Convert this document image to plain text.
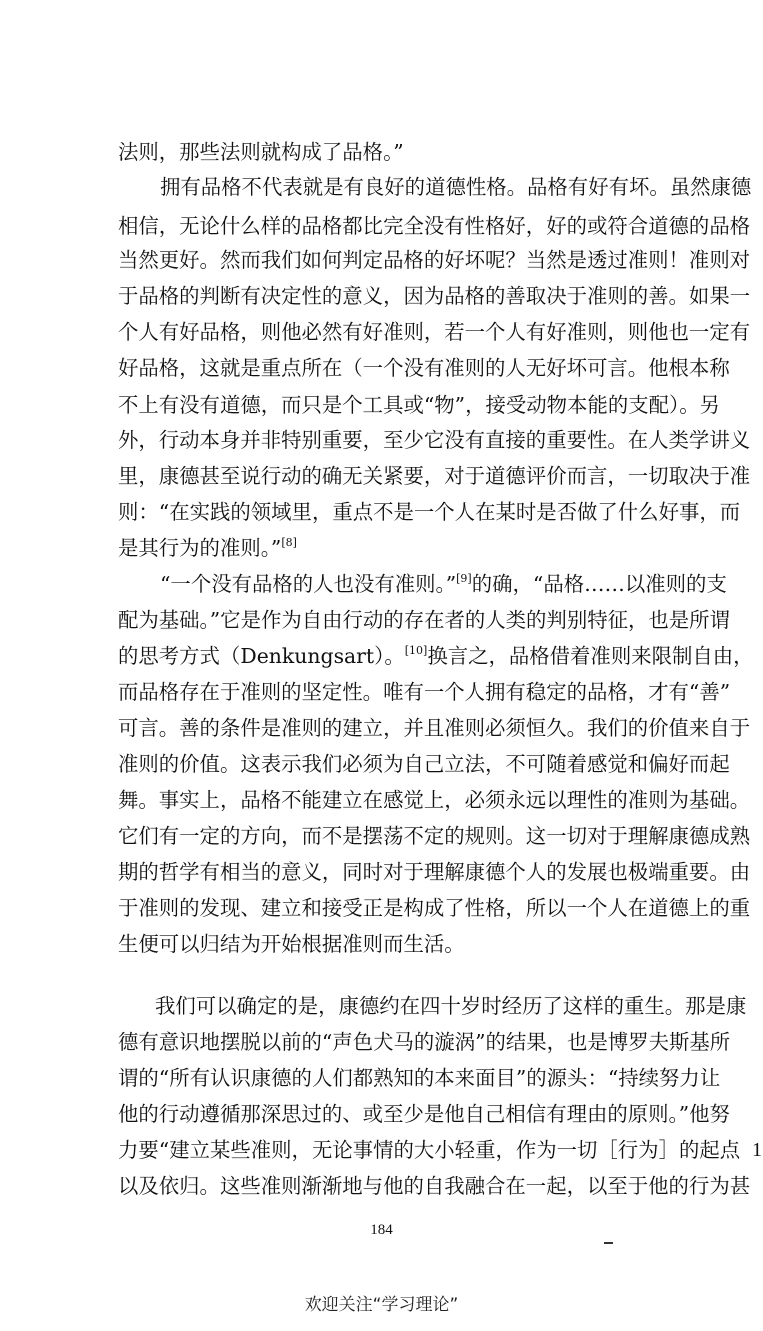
法则，那些法则就构成了品格。”
拥有品格不代表就是有良好的道德性格。品格有好有坏。虽然康德
相信，无论什么样的品格都比完全没有性格好，好的或符合道德的品格
当然更好。然而我们如何判定品格的好坏呢？当然是透过准则！准则对
于品格的判断有决定性的意义，因为品格的善取决于准则的善。如果一
个人有好品格，则他必然有好准则，若一个人有好准则，则他也一定有
好品格，这就是重点所在（一个没有准则的人无好坏可言。他根本称
不上有没有道德，而只是个工具或“物”，接受动物本能的支配）。另
外，行动本身并非特别重要，至少它没有直接的重要性。在人类学讲义
里，康德甚至说行动的确无关紧要，对于道德评价而言，一切取决于准
则：“在实践的领域里，重点不是一个人在某时是否做了什么好事，而
是其行为的准则。”[8]
“一个没有品格的人也没有准则。”[9]的确，“品格……以准则的支
配为基础。”它是作为自由行动的存在者的人类的判别特征，也是所谓
的思考方式（Denkungsart）。[10]换言之，品格借着准则来限制自由，
而品格存在于准则的坚定性。唯有一个人拥有稳定的品格，才有“善”
可言。善的条件是准则的建立，并且准则必须恒久。我们的价值来自于
准则的价值。这表示我们必须为自己立法，不可随着感觉和偏好而起
舞。事实上，品格不能建立在感觉上，必须永远以理性的准则为基础。
它们有一定的方向，而不是摆荡不定的规则。这一切对于理解康德成熟
期的哲学有相当的意义，同时对于理解康德个人的发展也极端重要。由
于准则的发现、建立和接受正是构成了性格，所以一个人在道德上的重
生便可以归结为开始根据准则而生活。
我们可以确定的是，康德约在四十岁时经历了这样的重生。那是康
德有意识地摆脱以前的“声色犬马的漩涡”的结果，也是博罗夫斯基所
谓的“所有认识康德的人们都熟知的本来面目”的源头：“持续努力让
他的行动遵循那深思过的、或至少是他自己相信有理由的原则。”他努
力要“建立某些准则，无论事情的大小轻重，作为一切［行为］的起点
以及依归。这些准则渐渐地与他的自我融合在一起，以至于他的行为甚
1
184
欢迎关注“学习理论”
